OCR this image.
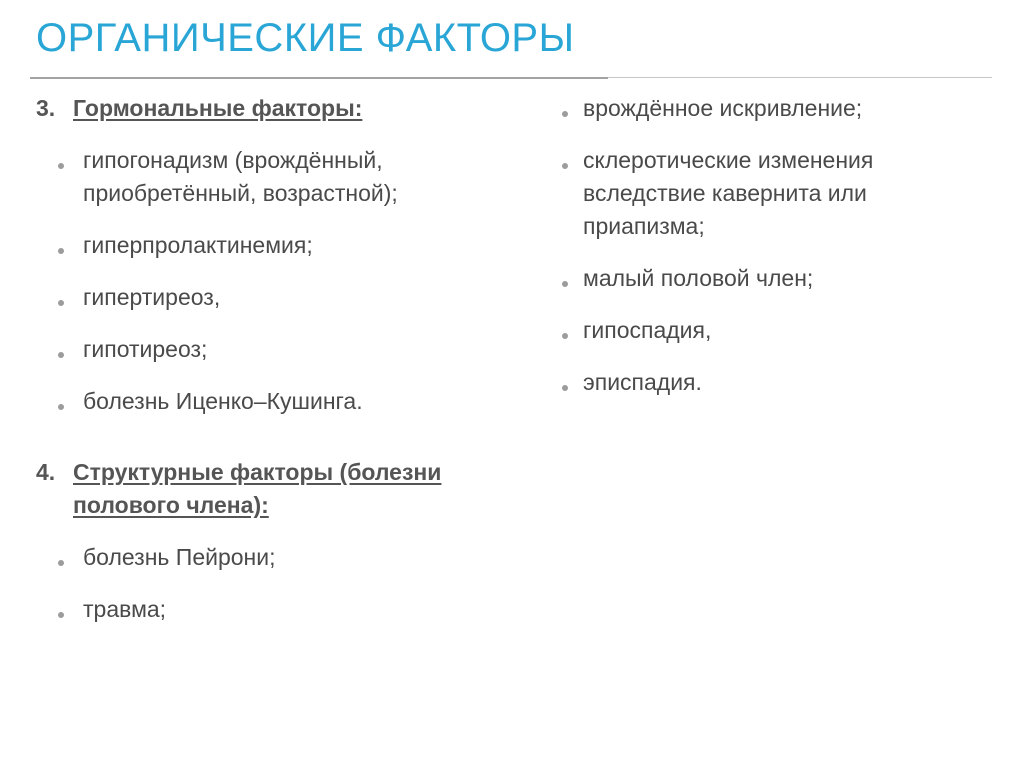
ОРГАНИЧЕСКИЕ ФАКТОРЫ
3. Гормональные факторы:
гипогонадизм (врождённый, приобретённый, возрастной);
гиперпролактинемия;
гипертиреоз,
гипотиреоз;
болезнь Иценко–Кушинга.
4. Структурные факторы (болезни полового члена):
болезнь Пейрони;
травма;
врождённое искривление;
склеротические изменения вследствие кавернита или приапизма;
малый половой член;
гипоспадия,
эписпадия.
